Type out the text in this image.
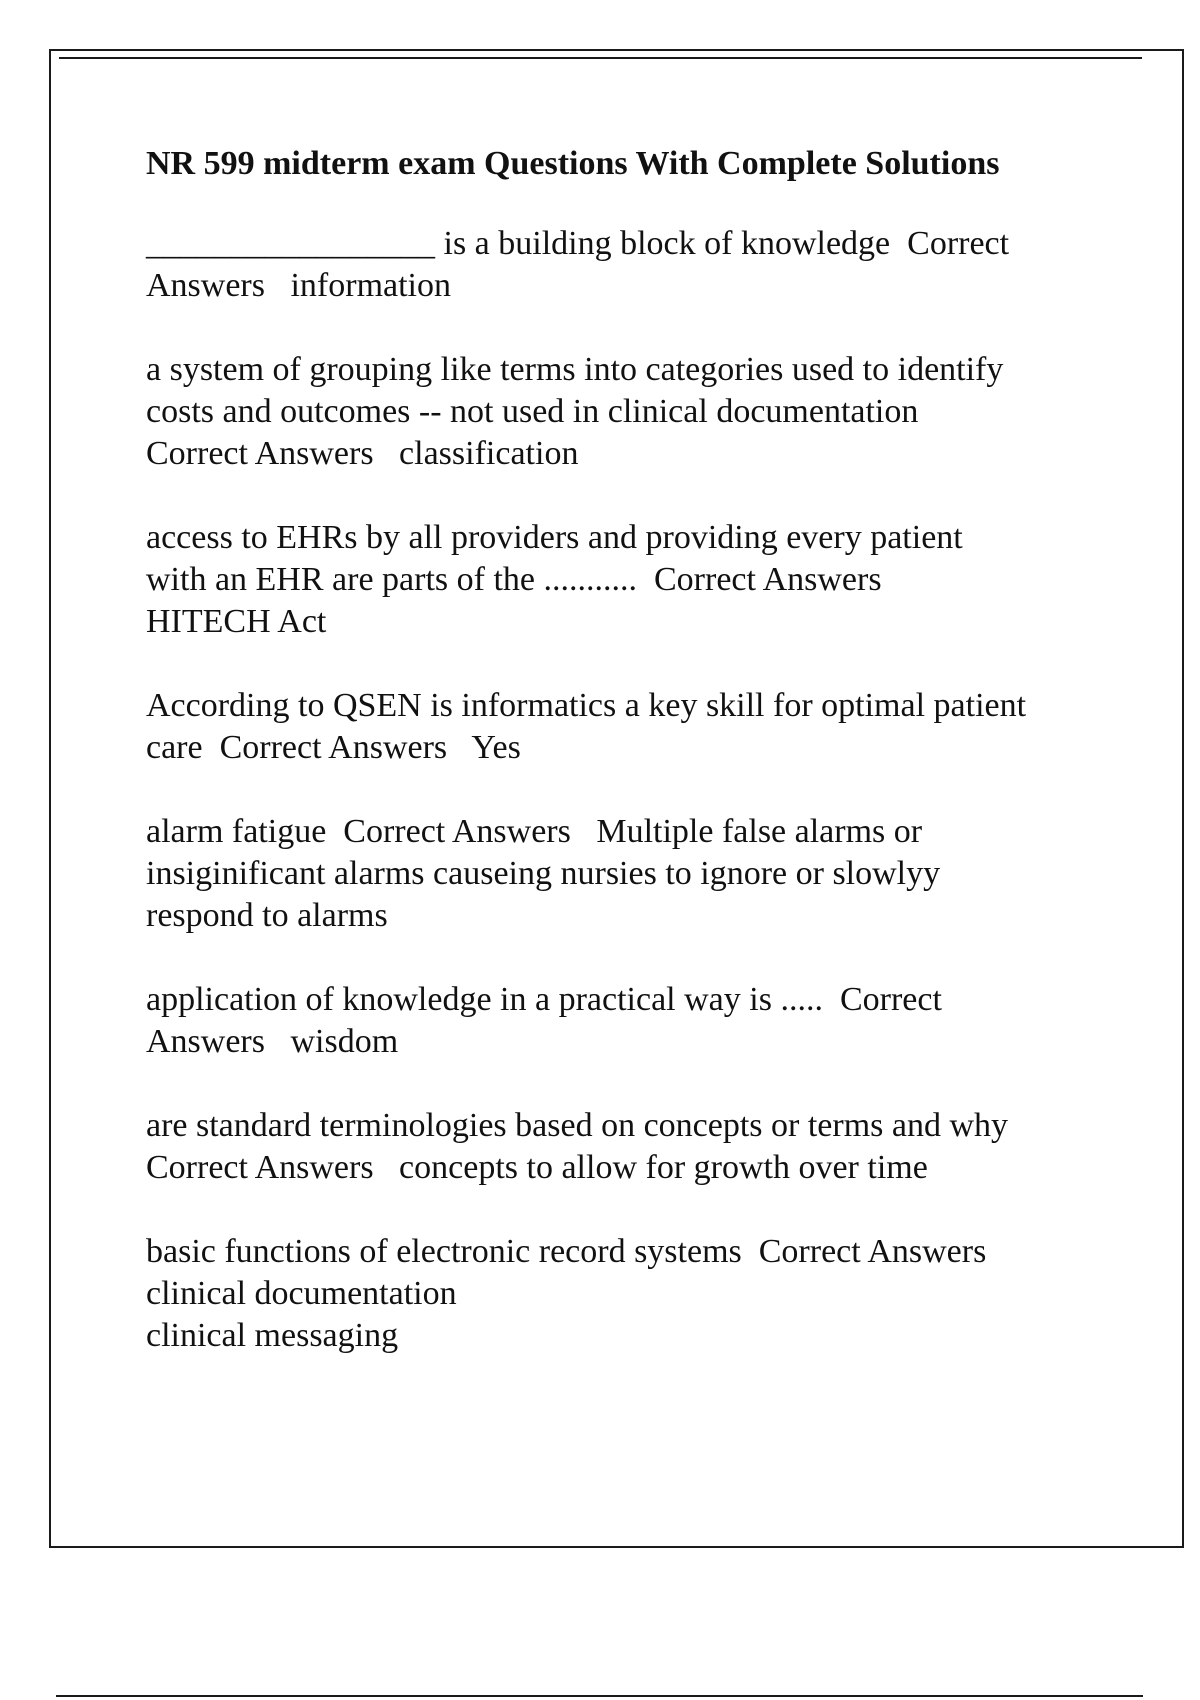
NR 599 midterm exam Questions With Complete Solutions
_________________ is a building block of knowledge  Correct
Answers   information
a system of grouping like terms into categories used to identify
costs and outcomes -- not used in clinical documentation
Correct Answers   classification
access to EHRs by all providers and providing every patient
with an EHR are parts of the ...........  Correct Answers
HITECH Act
According to QSEN is informatics a key skill for optimal patient
care  Correct Answers   Yes
alarm fatigue  Correct Answers   Multiple false alarms or
insiginificant alarms causeing nursies to ignore or slowlyy
respond to alarms
application of knowledge in a practical way is .....  Correct
Answers   wisdom
are standard terminologies based on concepts or terms and why
Correct Answers   concepts to allow for growth over time
basic functions of electronic record systems  Correct Answers
clinical documentation
clinical messaging
